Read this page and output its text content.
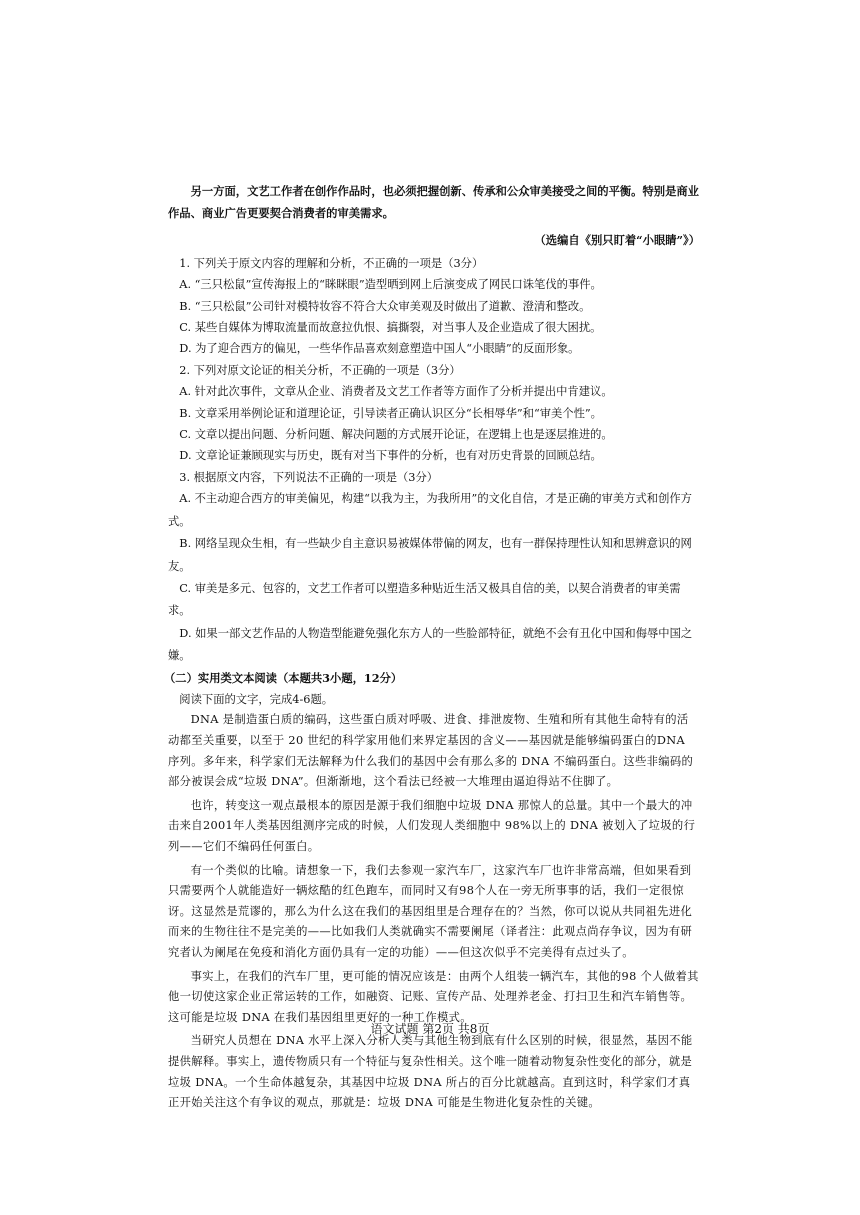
另一方面，文艺工作者在创作作品时，也必须把握创新、传承和公众审美接受之间的平衡。特别是商业作品、商业广告更要契合消费者的审美需求。

（选编自《别只盯着“小眼睛”》）

1. 下列关于原文内容的理解和分析，不正确的一项是（3分）

A. “三只松鼠”宣传海报上的“眯眯眼”造型晒到网上后演变成了网民口诛笔伐的事件。

B. “三只松鼠”公司针对模特妆容不符合大众审美观及时做出了道歉、澄清和整改。

C. 某些自媒体为博取流量而故意拉仇恨、搞撕裂，对当事人及企业造成了很大困扰。

D. 为了迎合西方的偏见，一些华作品喜欢刻意塑造中国人“小眼睛”的反面形象。

2. 下列对原文论证的相关分析，不正确的一项是（3分）

A. 针对此次事件，文章从企业、消费者及文艺工作者等方面作了分析并提出中肯建议。

B. 文章采用举例论证和道理论证，引导读者正确认识区分“长相辱华”和“审美个性”。

C. 文章以提出问题、分析问题、解决问题的方式展开论证，在逻辑上也是逐层推进的。

D. 文章论证兼顾现实与历史，既有对当下事件的分析，也有对历史背景的回顾总结。

3. 根据原文内容，下列说法不正确的一项是（3分）

A. 不主动迎合西方的审美偏见，构建“以我为主，为我所用”的文化自信，才是正确的审美方式和创作方式。

B. 网络呈现众生相，有一些缺少自主意识易被媒体带偏的网友，也有一群保持理性认知和思辨意识的网友。

C. 审美是多元、包容的，文艺工作者可以塑造多种贴近生活又极具自信的美，以契合消费者的审美需求。

D. 如果一部文艺作品的人物造型能避免强化东方人的一些脸部特征，就绝不会有丑化中国和侮辱中国之嫌。

（二）实用类文本阅读（本题共3小题，12分）

阅读下面的文字，完成4-6题。

DNA 是制造蛋白质的编码，这些蛋白质对呼吸、进食、排泄废物、生殖和所有其他生命特有的活动都至关重要，以至于 20 世纪的科学家用他们来界定基因的含义——基因就是能够编码蛋白的DNA 序列。多年来，科学家们无法解释为什么我们的基因中会有那么多的 DNA 不编码蛋白。这些非编码的部分被误会成“垃圾 DNA”。但渐渐地，这个看法已经被一大堆理由逼迫得站不住脚了。

也许，转变这一观点最根本的原因是源于我们细胞中垃圾 DNA 那惊人的总量。其中一个最大的冲击来自2001年人类基因组测序完成的时候，人们发现人类细胞中 98%以上的 DNA 被划入了垃圾的行列——它们不编码任何蛋白。

有一个类似的比喻。请想象一下，我们去参观一家汽车厂，这家汽车厂也许非常高端，但如果看到只需要两个人就能造好一辆炫酷的红色跑车，而同时又有98个人在一旁无所事事的话，我们一定很惊讶。这显然是荒谬的，那么为什么这在我们的基因组里是合理存在的？当然，你可以说从共同祖先进化而来的生物往往不是完美的——比如我们人类就确实不需要阑尾（译者注：此观点尚存争议，因为有研究者认为阑尾在免疫和消化方面仍具有一定的功能）——但这次似乎不完美得有点过头了。

事实上，在我们的汽车厂里，更可能的情况应该是：由两个人组装一辆汽车，其他的98 个人做着其他一切使这家企业正常运转的工作，如融资、记账、宣传产品、处理养老金、打扫卫生和汽车销售等。这可能是垃圾 DNA 在我们基因组里更好的一种工作模式。

当研究人员想在 DNA 水平上深入分析人类与其他生物到底有什么区别的时候，很显然，基因不能提供解释。事实上，遗传物质只有一个特征与复杂性相关。这个唯一随着动物复杂性变化的部分，就是垃圾 DNA。一个生命体越复杂，其基因中垃圾 DNA 所占的百分比就越高。直到这时，科学家们才真正开始关注这个有争议的观点，那就是：垃圾 DNA 可能是生物进化复杂性的关键。

语文试题 第2页 共8页
